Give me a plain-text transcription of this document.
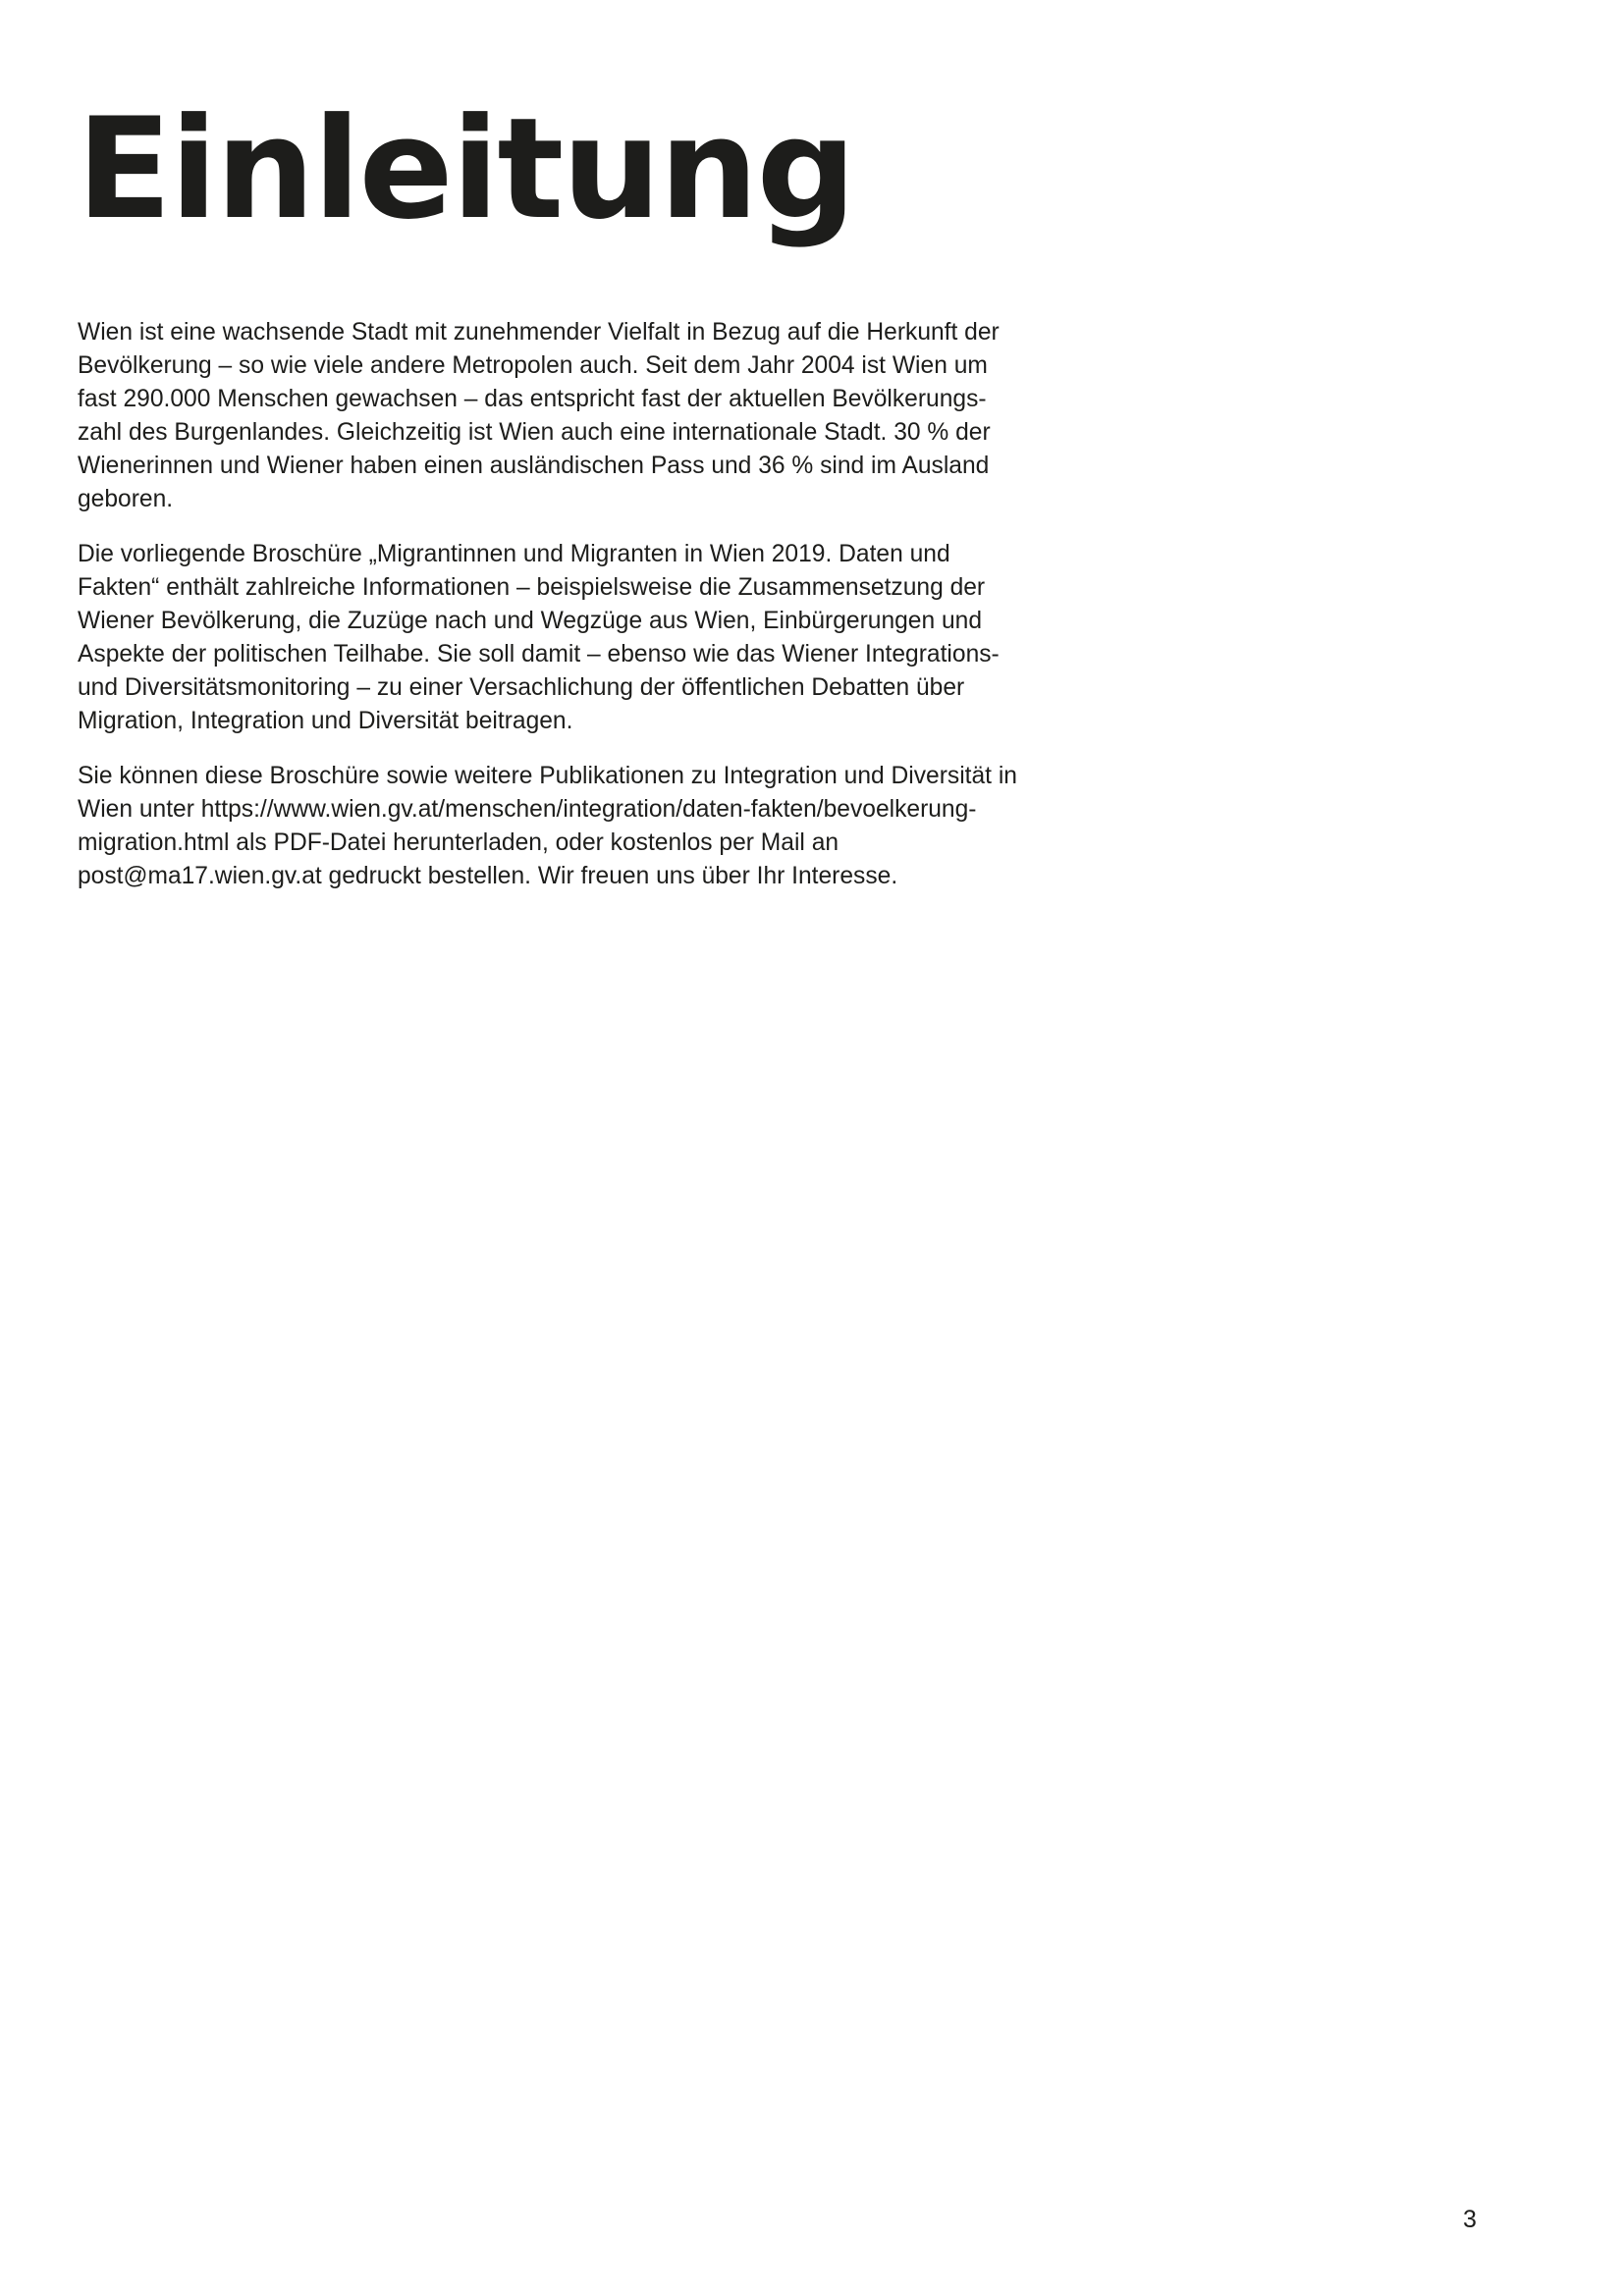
Einleitung

Wien ist eine wachsende Stadt mit zunehmender Vielfalt in Bezug auf die Herkunft der Bevölkerung – so wie viele andere Metropolen auch. Seit dem Jahr 2004 ist Wien um fast 290.000 Menschen gewachsen – das entspricht fast der aktuellen Bevölkerungszahl des Burgenlandes. Gleichzeitig ist Wien auch eine internationale Stadt. 30 % der Wienerinnen und Wiener haben einen ausländischen Pass und 36 % sind im Ausland geboren.

Die vorliegende Broschüre „Migrantinnen und Migranten in Wien 2019. Daten und Fakten“ enthält zahlreiche Informationen – beispielsweise die Zusammensetzung der Wiener Bevölkerung, die Zuzüge nach und Wegzüge aus Wien, Einbürgerungen und Aspekte der politischen Teilhabe. Sie soll damit – ebenso wie das Wiener Integrations- und Diversitätsmonitoring – zu einer Versachlichung der öffentlichen Debatten über Migration, Integration und Diversität beitragen.

Sie können diese Broschüre sowie weitere Publikationen zu Integration und Diversität in Wien unter https://www.wien.gv.at/menschen/integration/daten-fakten/bevoelkerung-migration.html als PDF-Datei herunterladen, oder kostenlos per Mail an post@ma17.wien.gv.at gedruckt bestellen. Wir freuen uns über Ihr Interesse.

3
